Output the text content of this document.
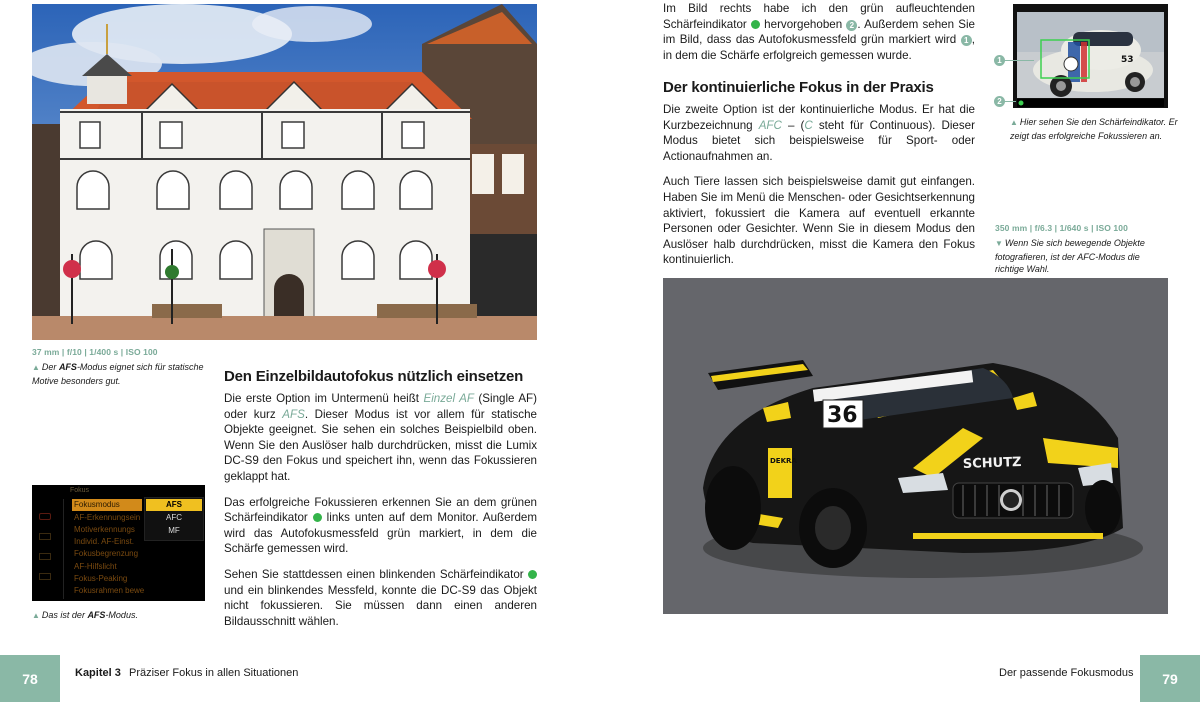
37 mm | f/10 | 1/400 s | ISO 100
▲ Der AFS-Modus eignet sich für statische Motive besonders gut.	Den Einzelbildautofokus nützlich einsetzen

Die erste Option im Untermenü heißt Einzel AF (Single AF) oder kurz AFS. Dieser Modus ist vor allem für statische Objekte geeignet. Sie sehen ein solches Beispielbild oben. Wenn Sie den Auslöser halb durchdrücken, misst die Lumix DC-S9 den Fokus und speichert ihn, wenn das Fokussieren geklappt hat.

Das erfolgreiche Fokussieren erkennen Sie an dem grünen Schärfeindikator  links unten auf dem Monitor. Außerdem wird das Autofokusmessfeld grün markiert, in dem die Schärfe gemessen wird.

Sehen Sie stattdessen einen blinkenden Schärfeindikator  und ein blinkendes Messfeld, konnte die DC-S9 das Objekt nicht fokussieren. Sie müssen dann einen anderen Bildausschnitt wählen.

Fokus
Fokusmodus
AF-Erkennungsein
Motiverkennungs
Individ. AF-Einst.
Fokusbegrenzung
AF-Hilfslicht
Fokus-Peaking
Fokusrahmen bewe
AFS
AFC
MF
▲ Das ist der AFS-Modus.

Im Bild rechts habe ich den grün aufleuchtenden Schärfeindikator  hervorgehoben 2 . Außerdem sehen Sie im Bild, dass das Autofokusmessfeld grün markiert wird 1 , in dem die Schärfe erfolgreich gemessen wurde.

Der kontinuierliche Fokus in der Praxis

Die zweite Option ist der kontinuierliche Modus. Er hat die Kurzbezeichnung AFC – (C steht für Continuous). Dieser Modus bietet sich beispielsweise für Sport- oder Actionaufnahmen an.

Auch Tiere lassen sich beispielsweise damit gut einfangen. Haben Sie im Menü die Menschen- oder Gesichtserkennung aktiviert, fokussiert die Kamera auf eventuell erkannte Personen oder Gesichter. Wenn Sie in diesem Modus den Auslöser halb durchdrücken, misst die Kamera den Fokus kontinuierlich.

53
1
2
▲ Hier sehen Sie den Schärfeindikator. Er zeigt das erfolgreiche Fokussieren an.
350 mm | f/6.3 | 1/640 s | ISO 100
▼ Wenn Sie sich bewegende Objekte fotografieren, ist der AFC-Modus die richtige Wahl.
36
SCHUTZ
DEKRA
78	Kapitel 3 Präziser Fokus in allen Situationen	Der passende Fokusmodus	79
